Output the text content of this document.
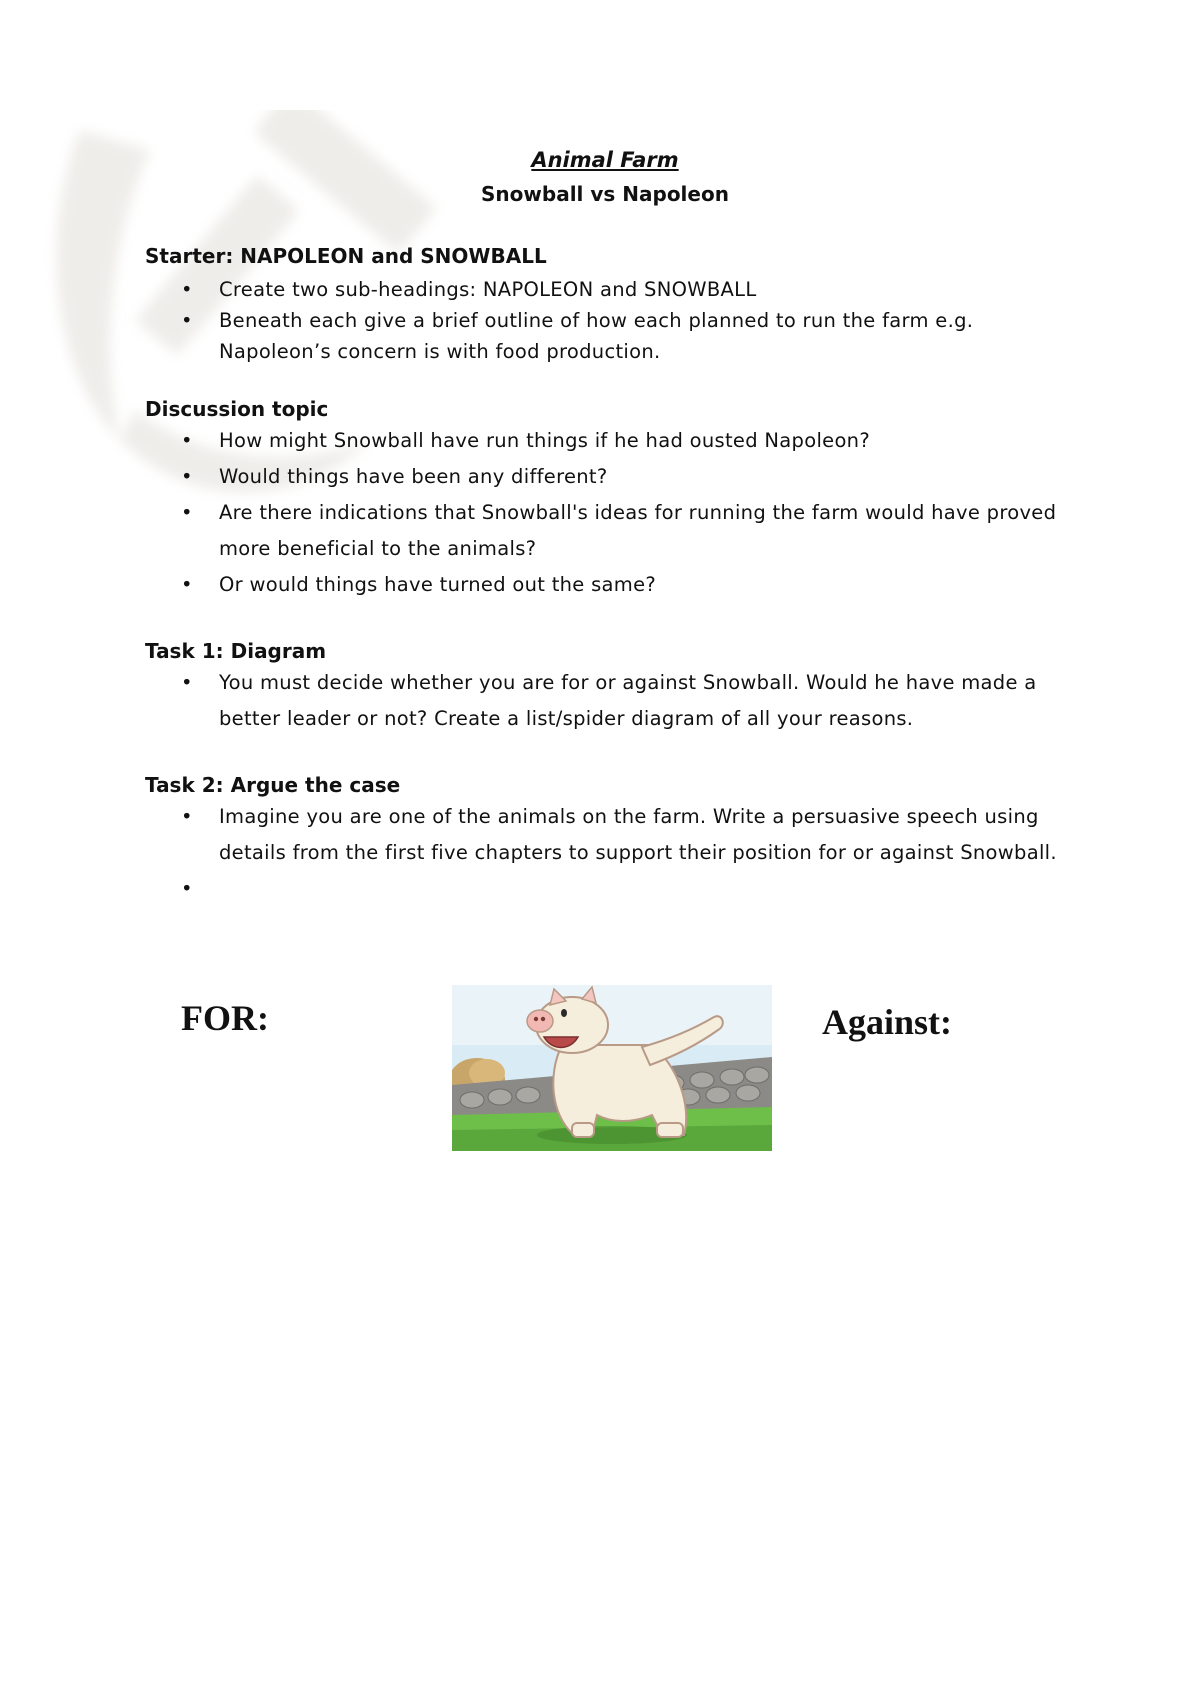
Animal Farm

Snowball vs Napoleon

Starter: NAPOLEON and SNOWBALL

• Create two sub-headings: NAPOLEON and SNOWBALL
• Beneath each give a brief outline of how each planned to run the farm e.g. Napoleon’s concern is with food production.

Discussion topic

• How might Snowball have run things if he had ousted Napoleon?
• Would things have been any different?
• Are there indications that Snowball's ideas for running the farm would have proved more beneficial to the animals?
• Or would things have turned out the same?

Task 1: Diagram

• You must decide whether you are for or against Snowball. Would he have made a better leader or not? Create a list/spider diagram of all your reasons.

Task 2: Argue the case

• Imagine you are one of the animals on the farm. Write a persuasive speech using details from the first five chapters to support their position for or against Snowball.
•
FOR:	Against:
